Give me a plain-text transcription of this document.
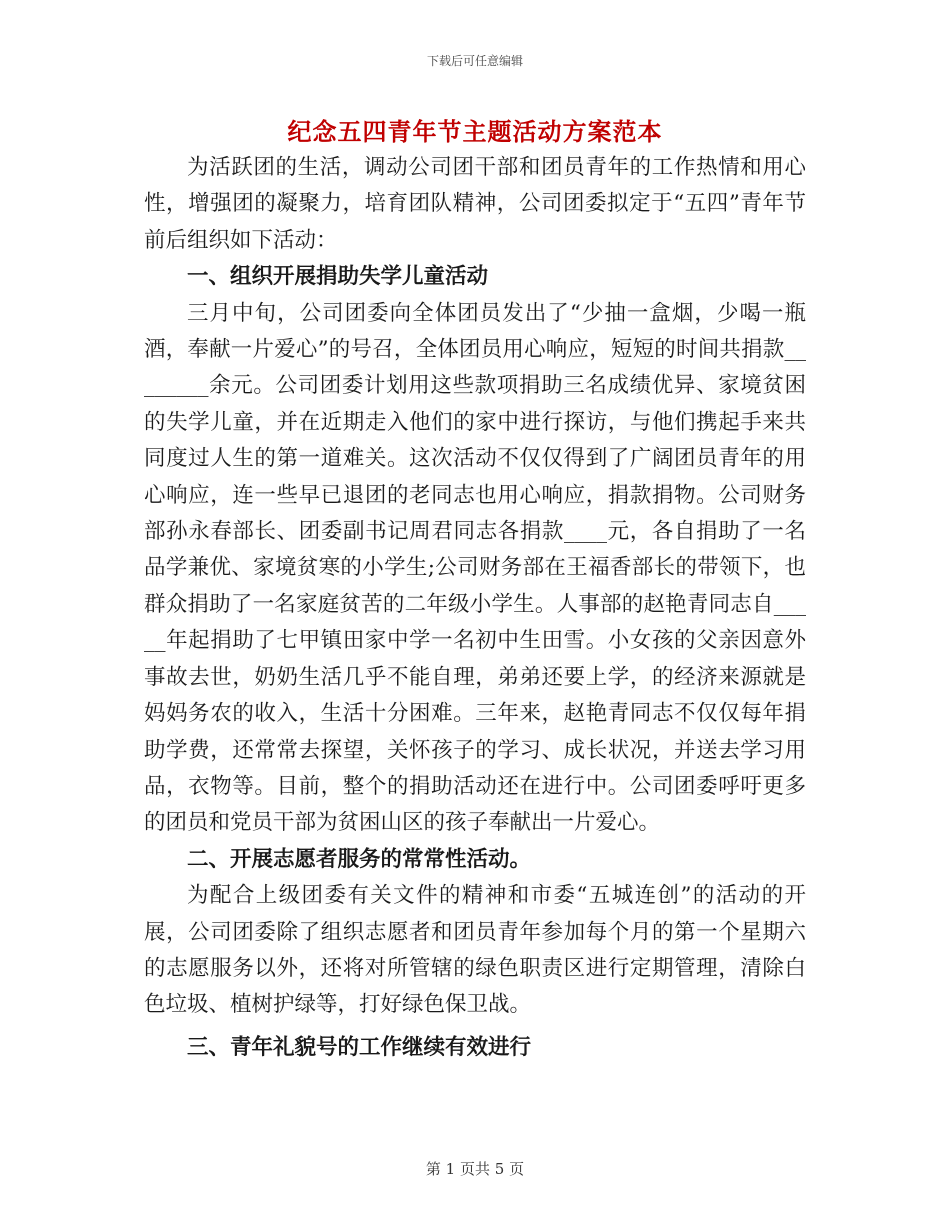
下载后可任意编辑
纪念五四青年节主题活动方案范本

为活跃团的生活，调动公司团干部和团员青年的工作热情和用心性，增强团的凝聚力，培育团队精神，公司团委拟定于“五四”青年节前后组织如下活动：

一、组织开展捐助失学儿童活动

三月中旬，公司团委向全体团员发出了“少抽一盒烟，少喝一瓶酒，奉献一片爱心”的号召，全体团员用心响应，短短的时间共捐款________余元。公司团委计划用这些款项捐助三名成绩优异、家境贫困的失学儿童，并在近期走入他们的家中进行探访，与他们携起手来共同度过人生的第一道难关。这次活动不仅仅得到了广阔团员青年的用心响应，连一些早已退团的老同志也用心响应，捐款捐物。公司财务部孙永春部长、团委副书记周君同志各捐款____元，各自捐助了一名品学兼优、家境贫寒的小学生;公司财务部在王福香部长的带领下，也群众捐助了一名家庭贫苦的二年级小学生。人事部的赵艳青同志自_____年起捐助了七甲镇田家中学一名初中生田雪。小女孩的父亲因意外事故去世，奶奶生活几乎不能自理，弟弟还要上学，的经济来源就是妈妈务农的收入，生活十分困难。三年来，赵艳青同志不仅仅每年捐助学费，还常常去探望，关怀孩子的学习、成长状况，并送去学习用品，衣物等。目前，整个的捐助活动还在进行中。公司团委呼吁更多的团员和党员干部为贫困山区的孩子奉献出一片爱心。

二、开展志愿者服务的常常性活动。

为配合上级团委有关文件的精神和市委“五城连创”的活动的开展，公司团委除了组织志愿者和团员青年参加每个月的第一个星期六的志愿服务以外，还将对所管辖的绿色职责区进行定期管理，清除白色垃圾、植树护绿等，打好绿色保卫战。

三、青年礼貌号的工作继续有效进行
第 1 页共 5 页
